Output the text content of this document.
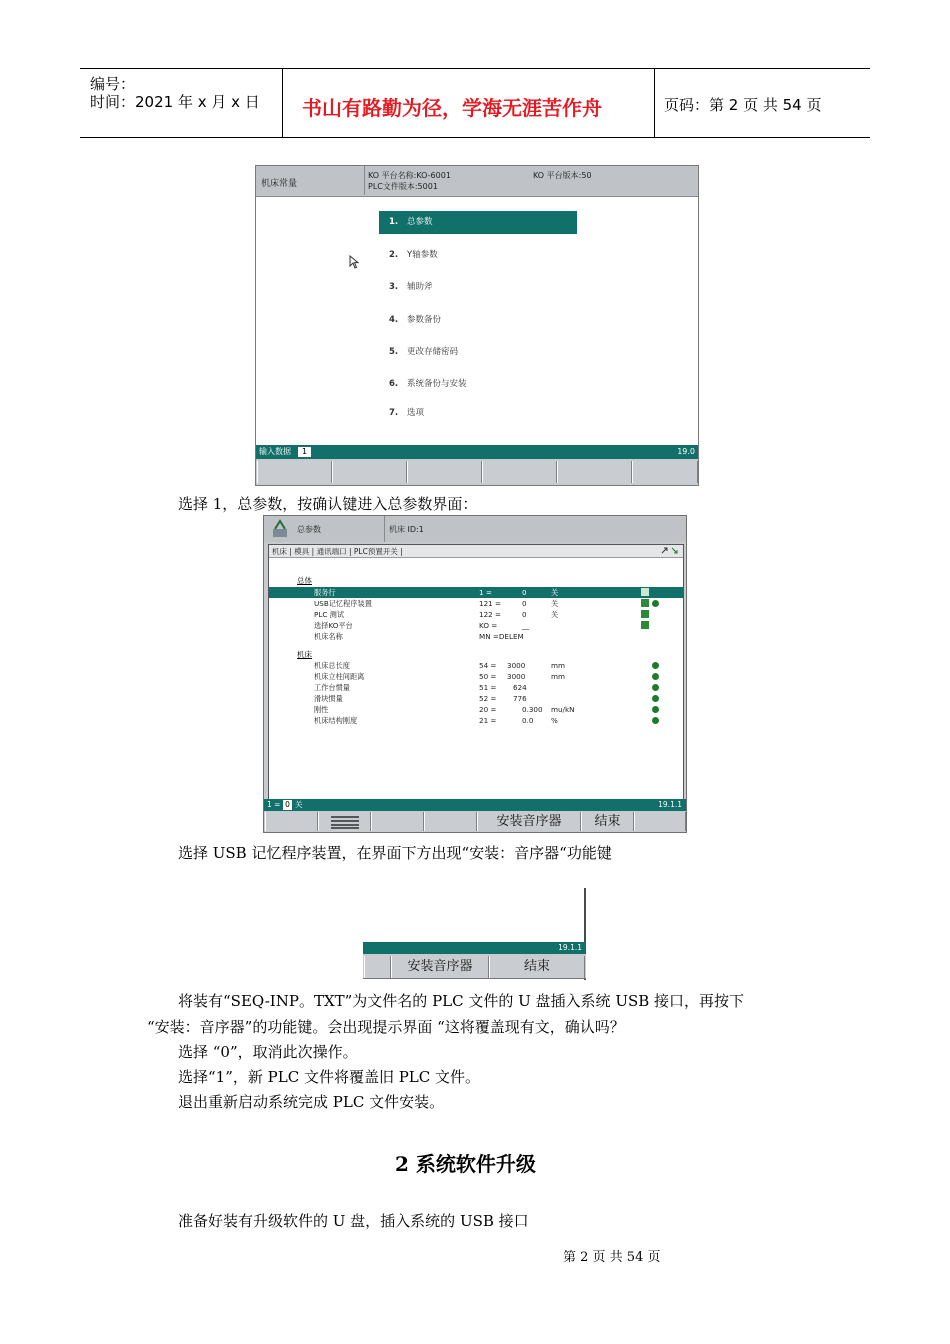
编号：
时间：2021 年 x 月 x 日 书山有路勤为径，学海无涯苦作舟	页码：第 2 页 共 54 页
机床常量
KO 平台名称:KO-6001	KO 平台版本:50
PLC文件版本:5001
1. 总参数
2. Y轴参数
3. 辅助斧
4. 参数备份
5. 更改存储密码
6. 系统备份与安装
7. 选项
输入数据	1	19.0
选择 1，总参数，按确认键进入总参数界面：
总参数	机床 ID:1
机床 | 模具 | 通讯端口 | PLC预置开关 |
总体
服务行	1 =	0	关
USB记忆程序装置	121 =	0	关
PLC 测试	122 =	0	关
选择KO平台	KO =	__
机床名称	MN =DELEM
机床
机床总长度	54 = 3000	mm
机床立柱间距离	50 = 3000	mm
工作台惯量	51 = 624
滑块惯量	52 = 776
刚性	20 =	0.300 mu/kN
机床结构刚度	21 =	0.0 %
1 = 0 关	19.1.1
安装音序器	结束
选择 USB 记忆程序装置，在界面下方出现“安装：音序器“功能键
19.1.1
安装音序器	结束
将装有“SEQ-INP。TXT”为文件名的 PLC 文件的 U 盘插入系统 USB 接口，再按下
“安装：音序器”的功能键。会出现提示界面 “这将覆盖现有文，确认吗？
选择 “0”，取消此次操作。
选择“1”，新 PLC 文件将覆盖旧 PLC 文件。
退出重新启动系统完成 PLC 文件安装。
2 系统软件升级
准备好装有升级软件的 U 盘，插入系统的 USB 接口
第 2 页 共 54 页
